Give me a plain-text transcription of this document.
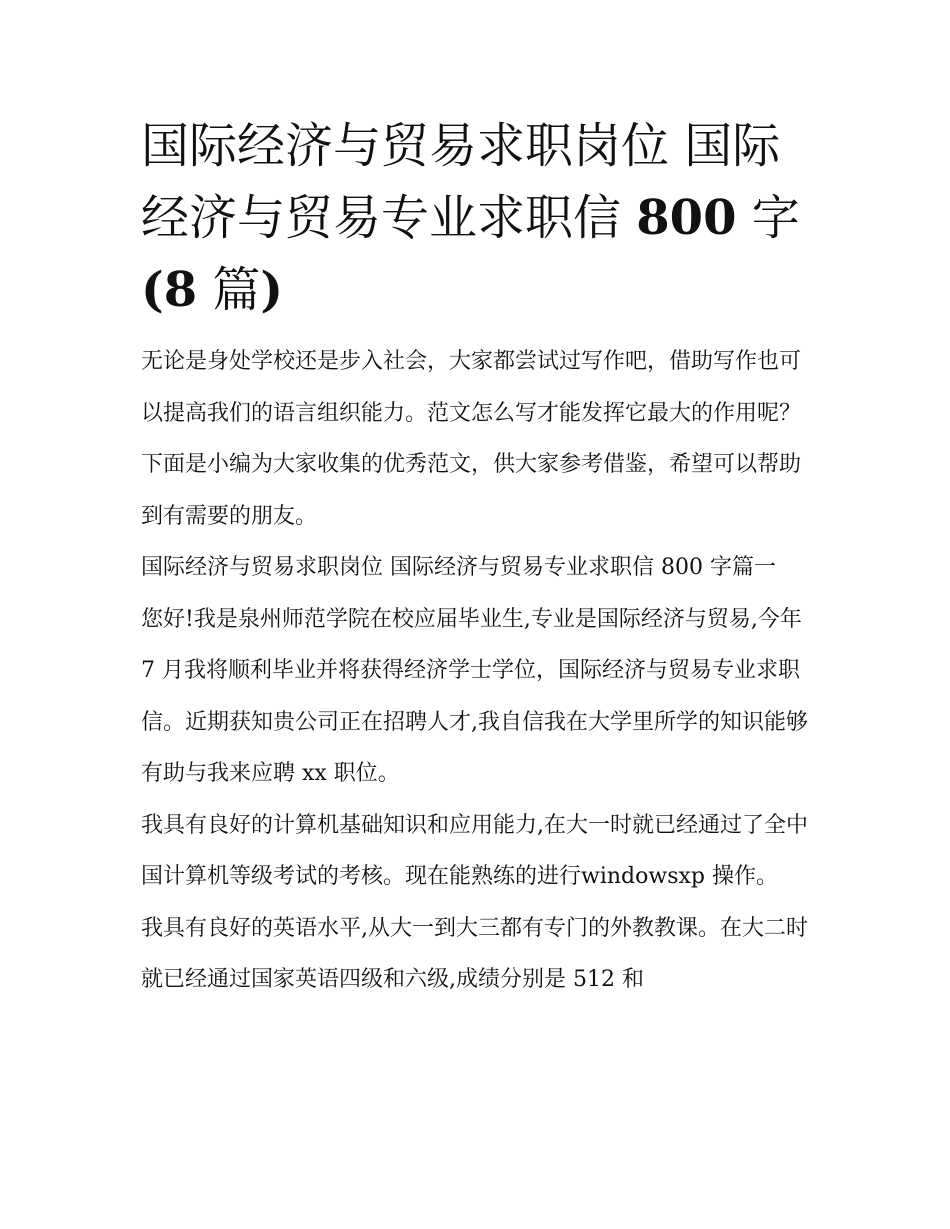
国际经济与贸易求职岗位 国际经济与贸易专业求职信 800 字 (8 篇)

无论是身处学校还是步入社会，大家都尝试过写作吧，借助写作也可以提高我们的语言组织能力。范文怎么写才能发挥它最大的作用呢？下面是小编为大家收集的优秀范文，供大家参考借鉴，希望可以帮助到有需要的朋友。

国际经济与贸易求职岗位 国际经济与贸易专业求职信 800 字篇一

您好!我是泉州师范学院在校应届毕业生,专业是国际经济与贸易,今年 7 月我将顺利毕业并将获得经济学士学位，国际经济与贸易专业求职信。近期获知贵公司正在招聘人才,我自信我在大学里所学的知识能够有助与我来应聘 xx 职位。

我具有良好的计算机基础知识和应用能力,在大一时就已经通过了全中国计算机等级考试的考核。现在能熟练的进行windowsxp 操作。

我具有良好的英语水平,从大一到大三都有专门的外教教课。在大二时就已经通过国家英语四级和六级,成绩分别是 512 和
